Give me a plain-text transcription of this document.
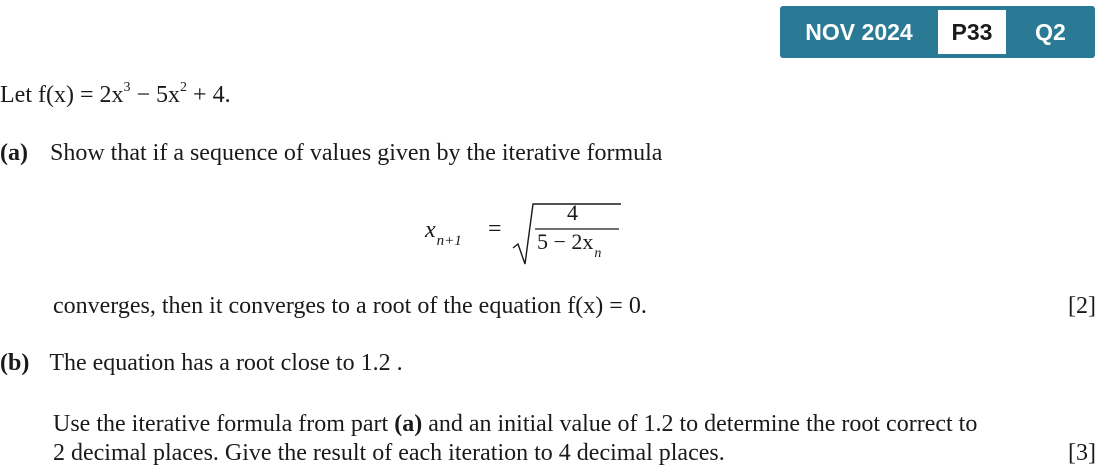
NOV 2024	P33	Q2
Let $f(x) = 2x^3 - 5x^2 + 4$.
(a) Show that if a sequence of values given by the iterative formula
$x_{n+1}$ =
4
$5 - 2x_n$
converges, then it converges to a root of the equation f(x) = 0.	[2]
(b) The equation has a root close to 1.2 .
Use the iterative formula from part (a) and an initial value of 1.2 to determine the root correct to
2 decimal places. Give the result of each iteration to 4 decimal places.	[3]
